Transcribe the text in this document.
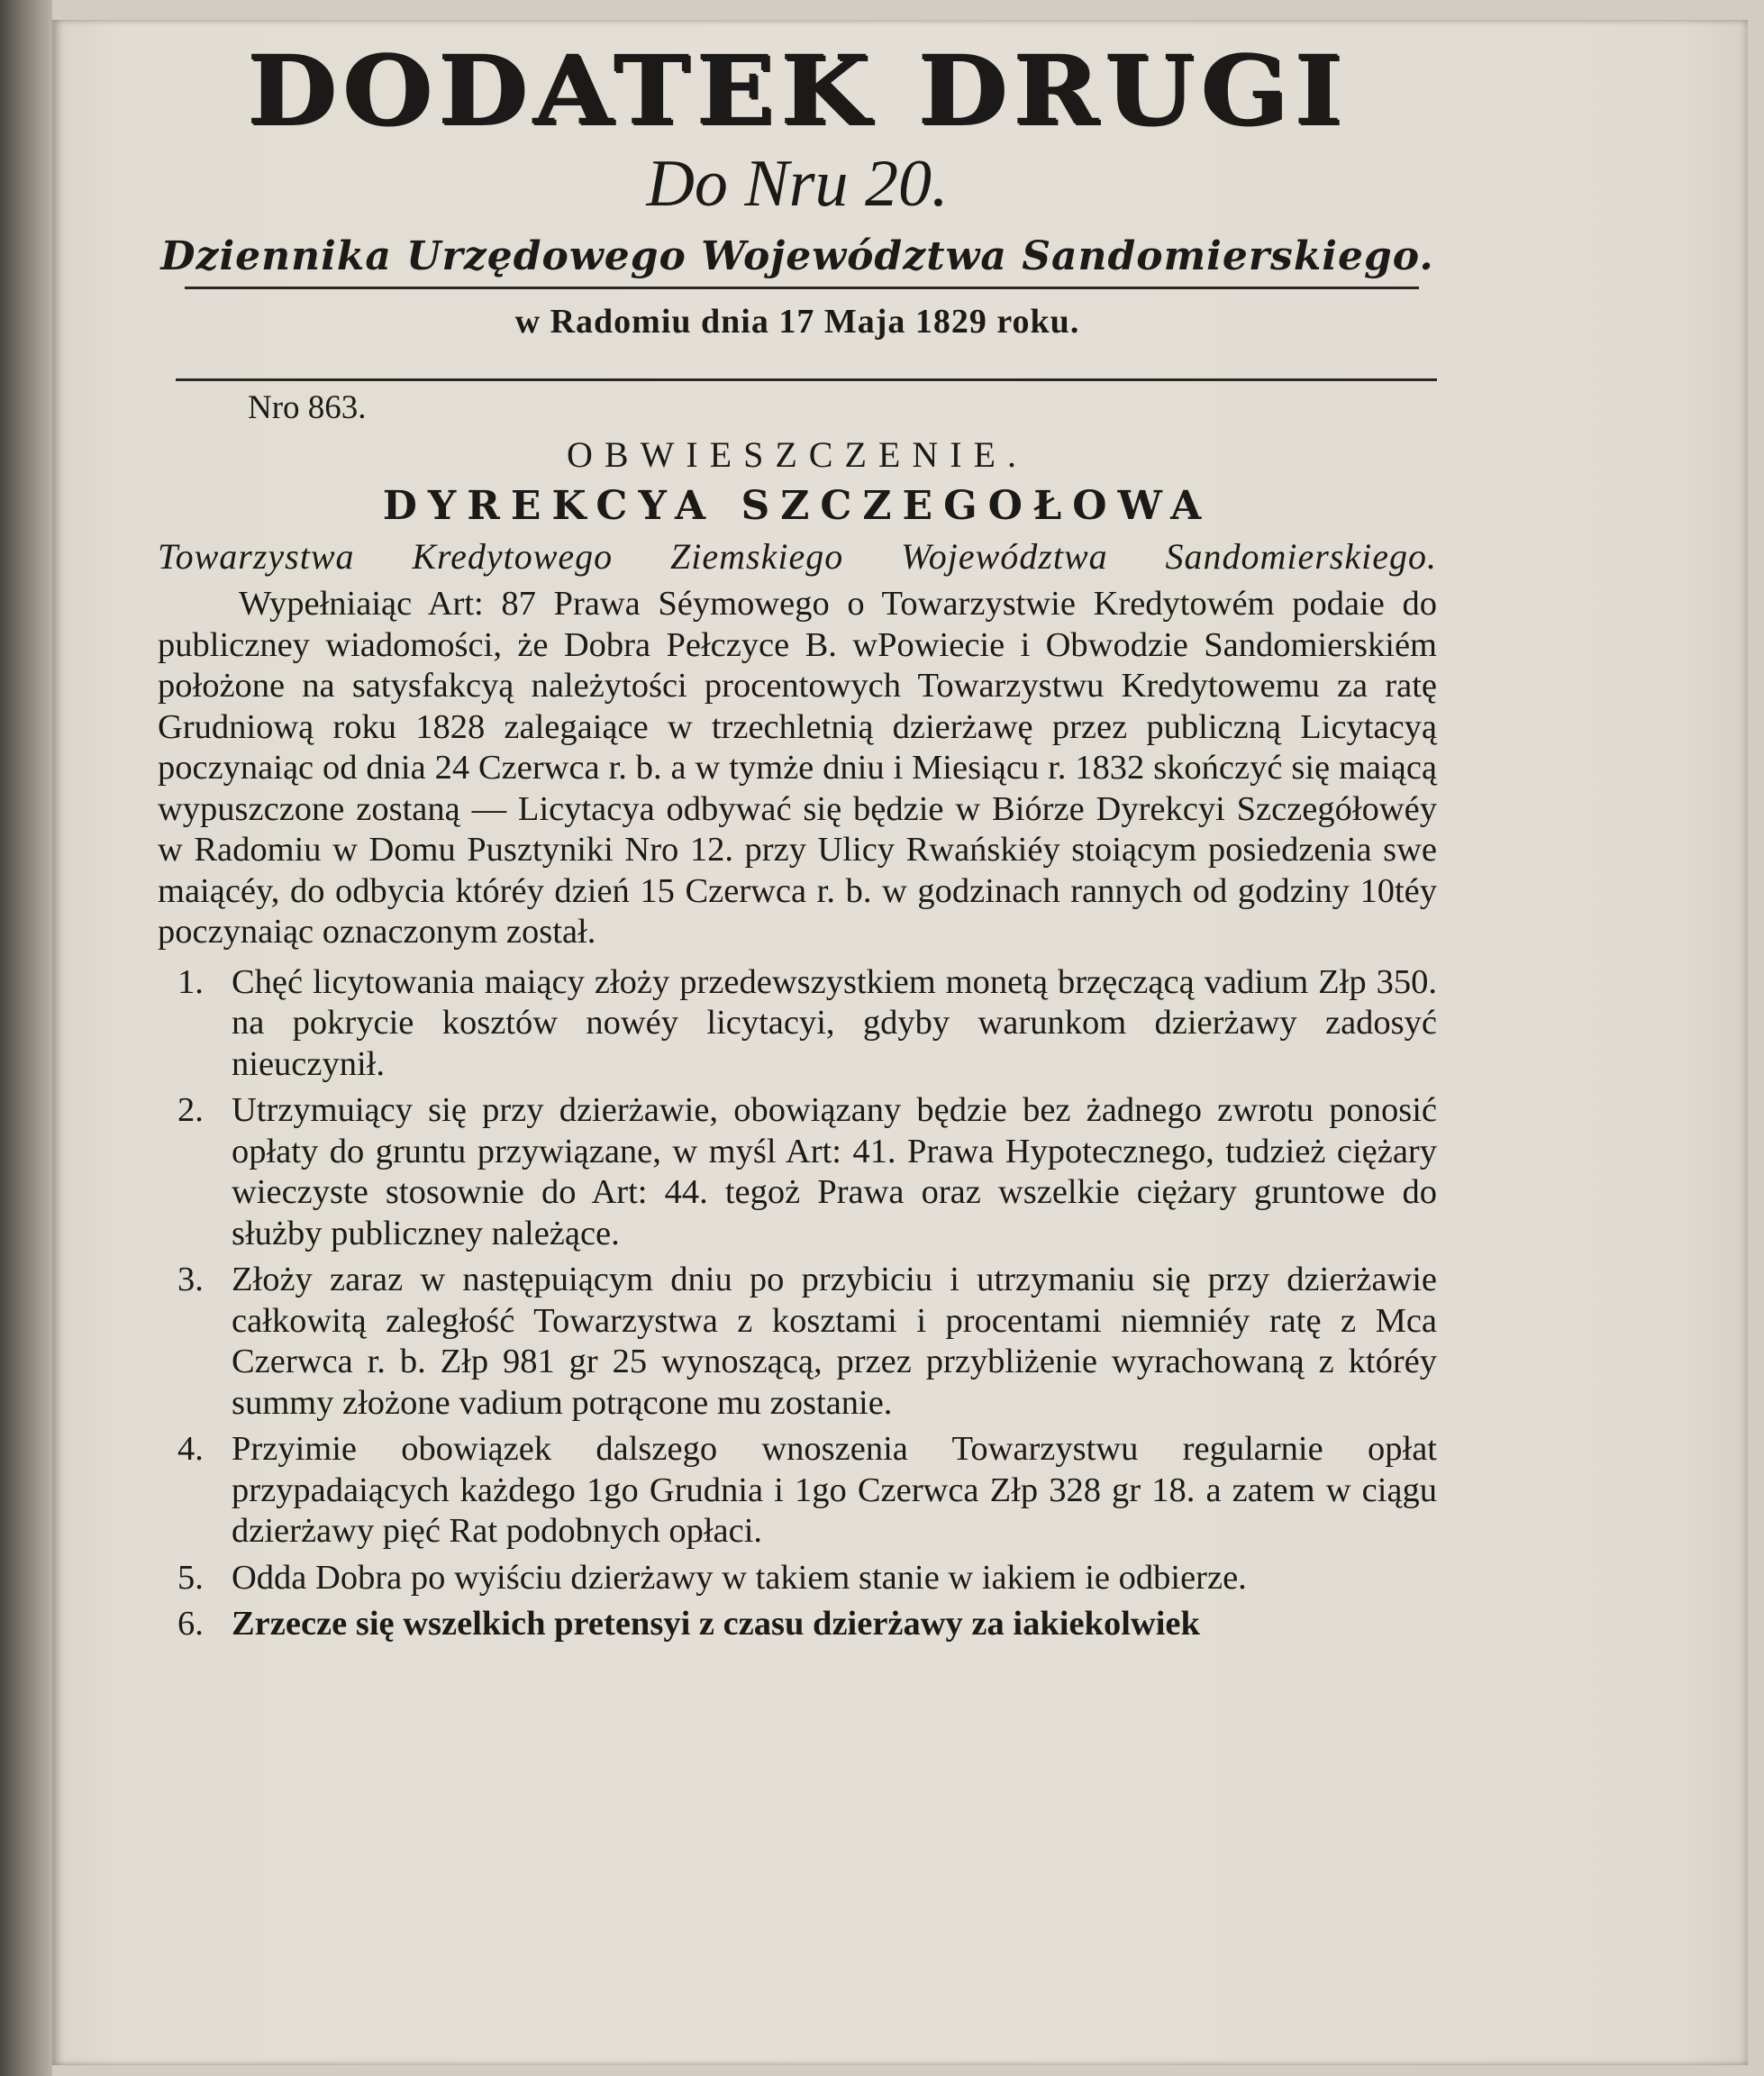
DODATEK DRUGI
Do Nru 20.
Dziennika Urzędowego Województwa Sandomierskiego.
w Radomiu dnia 17 Maja 1829 roku.
Nro 863.
OBWIESZCZENIE.
DYREKCYA SZCZEGOŁOWA
Towarzystwa Kredytowego Ziemskiego Województwa Sandomierskiego.
Wypełniaiąc Art: 87 Prawa Séymowego o Towarzystwie Kredytowém podaie do publiczney wiadomości, że Dobra Pełczyce B. wPowiecie i Obwodzie Sandomierskiém położone na satysfakcyą należytości procentowych Towarzystwu Kredytowemu za ratę Grudniową roku 1828 zalegaiące w trzechletnią dzierżawę przez publiczną Licytacyą poczynaiąc od dnia 24 Czerwca r. b. a w tymże dniu i Miesiącu r. 1832 skończyć się maiącą wypuszczone zostaną — Licytacya odbywać się będzie w Biórze Dyrekcyi Szczegółowéy w Radomiu w Domu Pusztyniki Nro 12. przy Ulicy Rwańskiéy stoiącym posiedzenia swe maiącéy, do odbycia któréy dzień 15 Czerwca r. b. w godzinach rannych od godziny 10téy poczynaiąc oznaczonym został.
1. Chęć licytowania maiący złoży przedewszystkiem monetą brzęczącą vadium Złp 350. na pokrycie kosztów nowéy licytacyi, gdyby warunkom dzierżawy zadosyć nieuczynił.
2. Utrzymuiący się przy dzierżawie, obowiązany będzie bez żadnego zwrotu ponosić opłaty do gruntu przywiązane, w myśl Art: 41. Prawa Hypotecznego, tudzież ciężary wieczyste stosownie do Art: 44. tegoż Prawa oraz wszelkie ciężary gruntowe do służby publiczney należące.
3. Złoży zaraz w następuiącym dniu po przybiciu i utrzymaniu się przy dzierżawie całkowitą zaległość Towarzystwa z kosztami i procentami niemniéy ratę z Mca Czerwca r. b. Złp 981 gr 25 wynoszącą, przez przybliżenie wyrachowaną z któréy summy złożone vadium potrącone mu zostanie.
4. Przyimie obowiązek dalszego wnoszenia Towarzystwu regularnie opłat przypadaiących każdego 1go Grudnia i 1go Czerwca Złp 328 gr 18. a zatem w ciągu dzierżawy pięć Rat podobnych opłaci.
5. Odda Dobra po wyiściu dzierżawy w takiem stanie w iakiem ie odbierze.
6. Zrzecze się wszelkich pretensyi z czasu dzierżawy za iakiekolwiek
